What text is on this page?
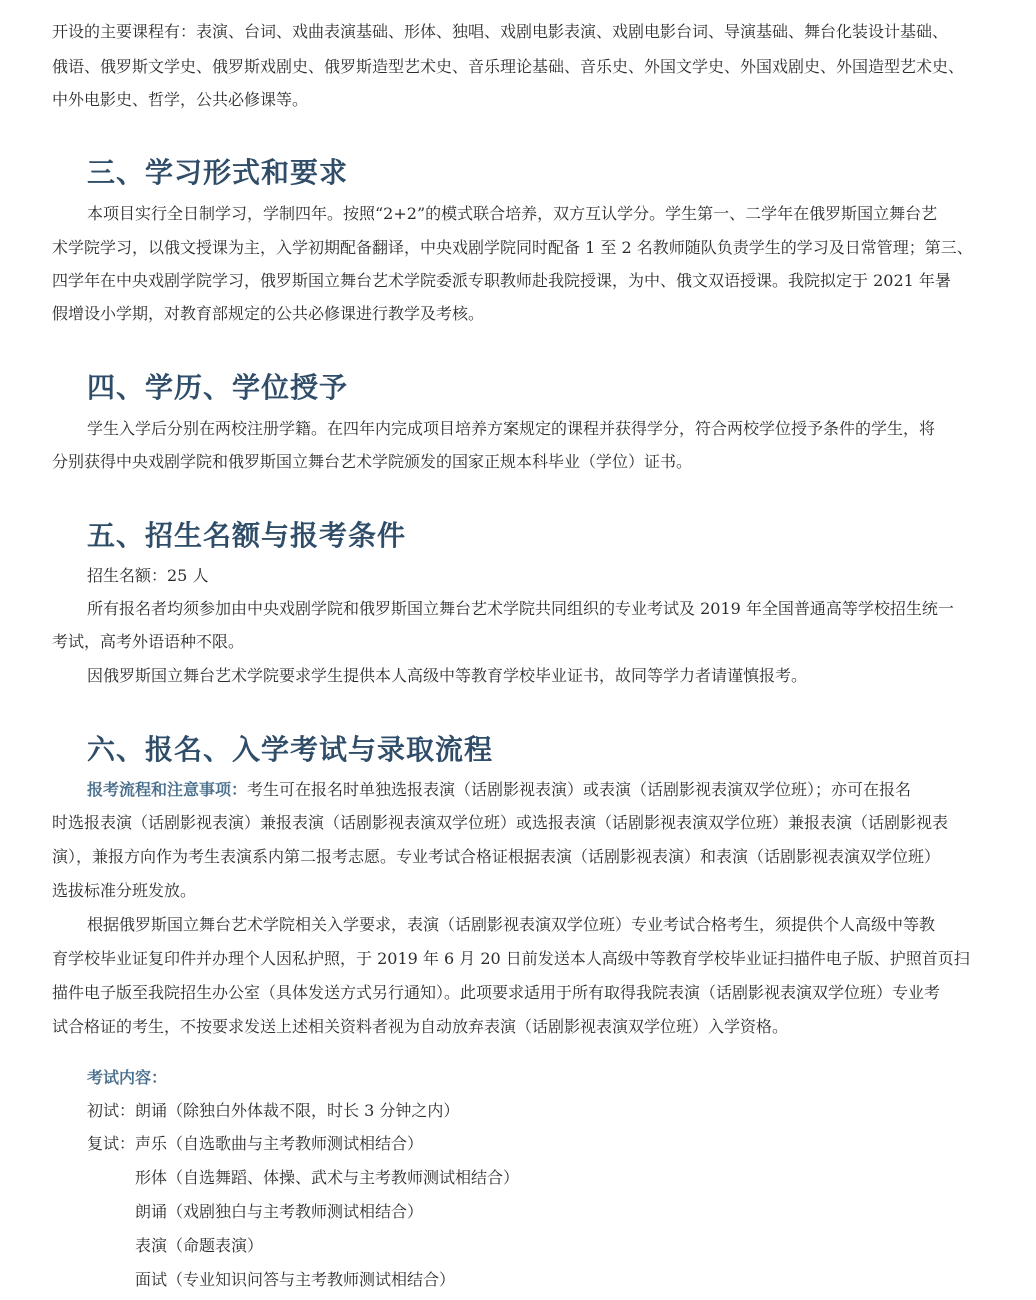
开设的主要课程有：表演、台词、戏曲表演基础、形体、独唱、戏剧电影表演、戏剧电影台词、导演基础、舞台化装设计基础、
俄语、俄罗斯文学史、俄罗斯戏剧史、俄罗斯造型艺术史、音乐理论基础、音乐史、外国文学史、外国戏剧史、外国造型艺术史、
中外电影史、哲学，公共必修课等。
三、学习形式和要求
本项目实行全日制学习，学制四年。按照“2+2”的模式联合培养，双方互认学分。学生第一、二学年在俄罗斯国立舞台艺
术学院学习，以俄文授课为主，入学初期配备翻译，中央戏剧学院同时配备 1 至 2 名教师随队负责学生的学习及日常管理；第三、
四学年在中央戏剧学院学习，俄罗斯国立舞台艺术学院委派专职教师赴我院授课，为中、俄文双语授课。我院拟定于 2021 年暑
假增设小学期，对教育部规定的公共必修课进行教学及考核。
四、学历、学位授予
学生入学后分别在两校注册学籍。在四年内完成项目培养方案规定的课程并获得学分，符合两校学位授予条件的学生，将
分别获得中央戏剧学院和俄罗斯国立舞台艺术学院颁发的国家正规本科毕业（学位）证书。
五、招生名额与报考条件
招生名额：25 人
所有报名者均须参加由中央戏剧学院和俄罗斯国立舞台艺术学院共同组织的专业考试及 2019 年全国普通高等学校招生统一
考试，高考外语语种不限。
因俄罗斯国立舞台艺术学院要求学生提供本人高级中等教育学校毕业证书，故同等学力者请谨慎报考。
六、报名、入学考试与录取流程
报考流程和注意事项：考生可在报名时单独选报表演（话剧影视表演）或表演（话剧影视表演双学位班）；亦可在报名
时选报表演（话剧影视表演）兼报表演（话剧影视表演双学位班）或选报表演（话剧影视表演双学位班）兼报表演（话剧影视表
演），兼报方向作为考生表演系内第二报考志愿。专业考试合格证根据表演（话剧影视表演）和表演（话剧影视表演双学位班）
选拔标准分班发放。
根据俄罗斯国立舞台艺术学院相关入学要求，表演（话剧影视表演双学位班）专业考试合格考生，须提供个人高级中等教
育学校毕业证复印件并办理个人因私护照，于 2019 年 6 月 20 日前发送本人高级中等教育学校毕业证扫描件电子版、护照首页扫
描件电子版至我院招生办公室（具体发送方式另行通知）。此项要求适用于所有取得我院表演（话剧影视表演双学位班）专业考
试合格证的考生，不按要求发送上述相关资料者视为自动放弃表演（话剧影视表演双学位班）入学资格。
考试内容：
初试：朗诵（除独白外体裁不限，时长 3 分钟之内）
复试：声乐（自选歌曲与主考教师测试相结合）
形体（自选舞蹈、体操、武术与主考教师测试相结合）
朗诵（戏剧独白与主考教师测试相结合）
表演（命题表演）
面试（专业知识问答与主考教师测试相结合）
